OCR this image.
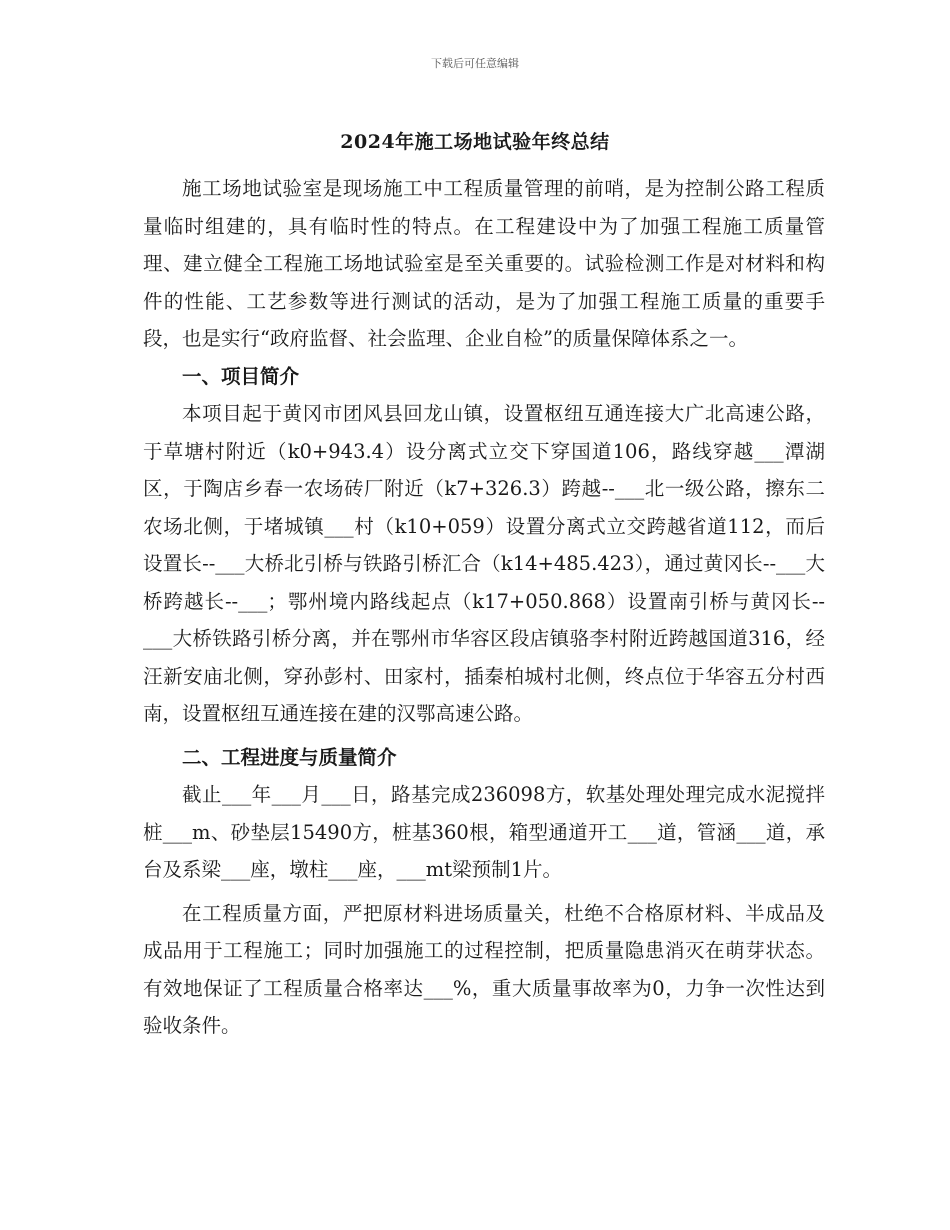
下载后可任意编辑
2024年施工场地试验年终总结

施工场地试验室是现场施工中工程质量管理的前哨，是为控制公路工程质量临时组建的，具有临时性的特点。在工程建设中为了加强工程施工质量管理、建立健全工程施工场地试验室是至关重要的。试验检测工作是对材料和构件的性能、工艺参数等进行测试的活动，是为了加强工程施工质量的重要手段，也是实行“政府监督、社会监理、企业自检”的质量保障体系之一。

一、项目简介

本项目起于黄冈市团风县回龙山镇，设置枢纽互通连接大广北高速公路，于草塘村附近（k0+943.4）设分离式立交下穿国道106，路线穿越___潭湖区，于陶店乡春一农场砖厂附近（k7+326.3）跨越--___北一级公路，擦东二农场北侧，于堵城镇___村（k10+059）设置分离式立交跨越省道112，而后设置长--___大桥北引桥与铁路引桥汇合（k14+485.423），通过黄冈长--___大桥跨越长--___；鄂州境内路线起点（k17+050.868）设置南引桥与黄冈长--___大桥铁路引桥分离，并在鄂州市华容区段店镇骆李村附近跨越国道316，经汪新安庙北侧，穿孙彭村、田家村，插秦柏城村北侧，终点位于华容五分村西南，设置枢纽互通连接在建的汉鄂高速公路。

二、工程进度与质量简介

截止___年___月___日，路基完成236098方，软基处理处理完成水泥搅拌桩___m、砂垫层15490方，桩基360根，箱型通道开工___道，管涵___道，承台及系梁___座，墩柱___座，___mt梁预制1片。

在工程质量方面，严把原材料进场质量关，杜绝不合格原材料、半成品及成品用于工程施工；同时加强施工的过程控制，把质量隐患消灭在萌芽状态。有效地保证了工程质量合格率达___%，重大质量事故率为0，力争一次性达到验收条件。
